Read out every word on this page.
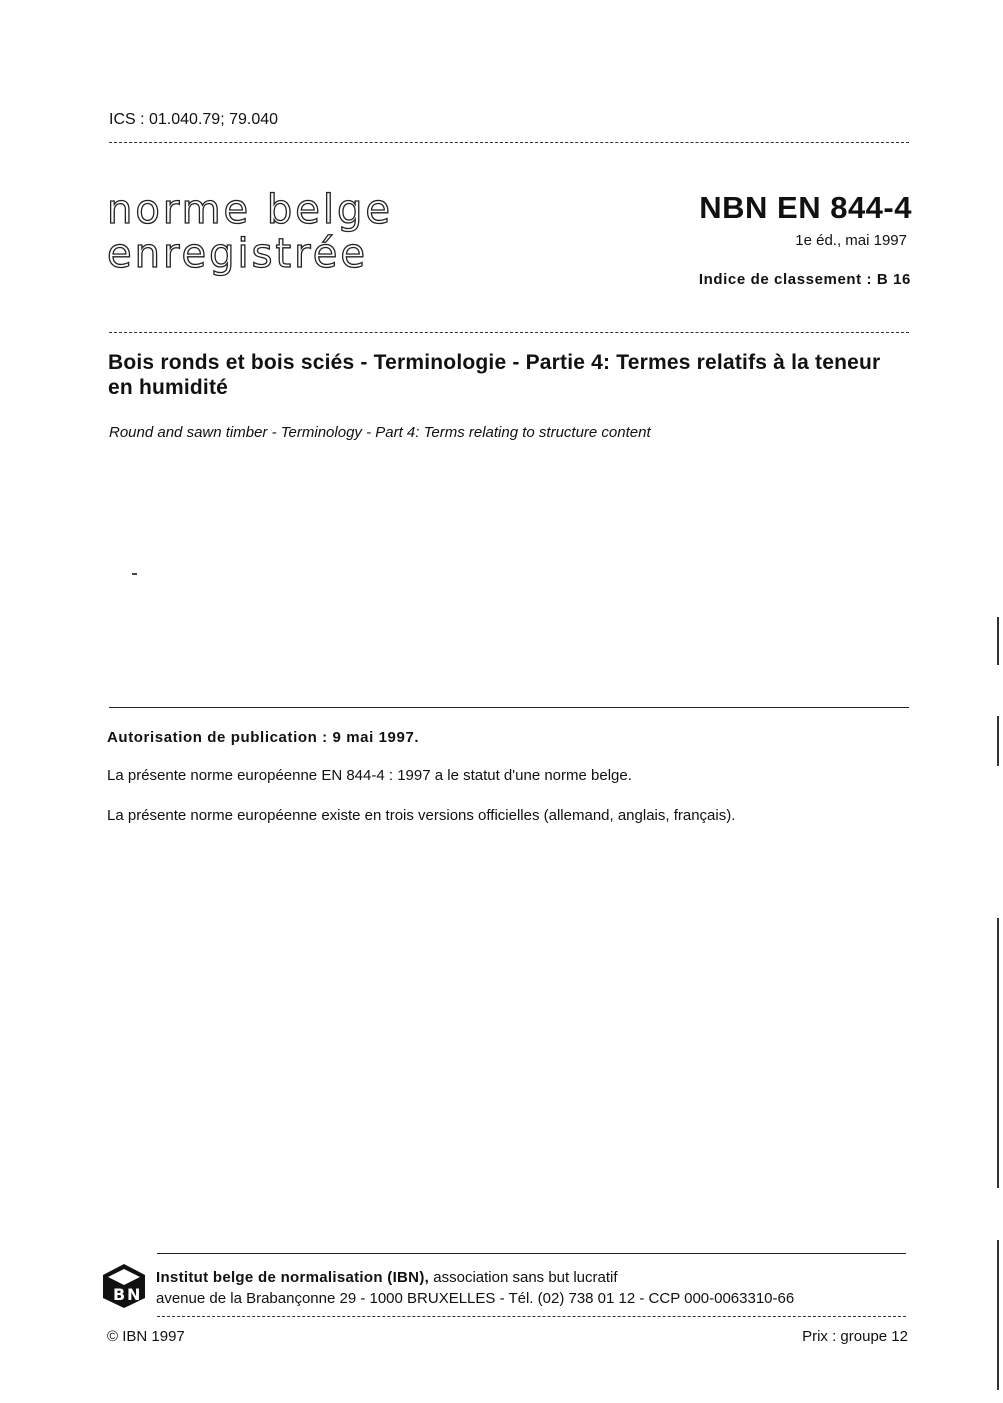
ICS : 01.040.79; 79.040
norme belge
enregistrée
NBN EN 844-4
1e éd., mai 1997
Indice de classement : B 16
Bois ronds et bois sciés - Terminologie - Partie 4: Termes relatifs à la teneur en humidité
Round and sawn timber - Terminology - Part 4: Terms relating to structure content
Autorisation de publication : 9 mai 1997.
La présente norme européenne EN 844-4 : 1997 a le statut d'une norme belge.
La présente norme européenne existe en trois versions officielles (allemand, anglais, français).
B N
Institut belge de normalisation (IBN), association sans but lucratif
avenue de la Brabançonne 29 - 1000 BRUXELLES - Tél. (02) 738 01 12 - CCP 000-0063310-66
© IBN 1997	Prix : groupe 12
